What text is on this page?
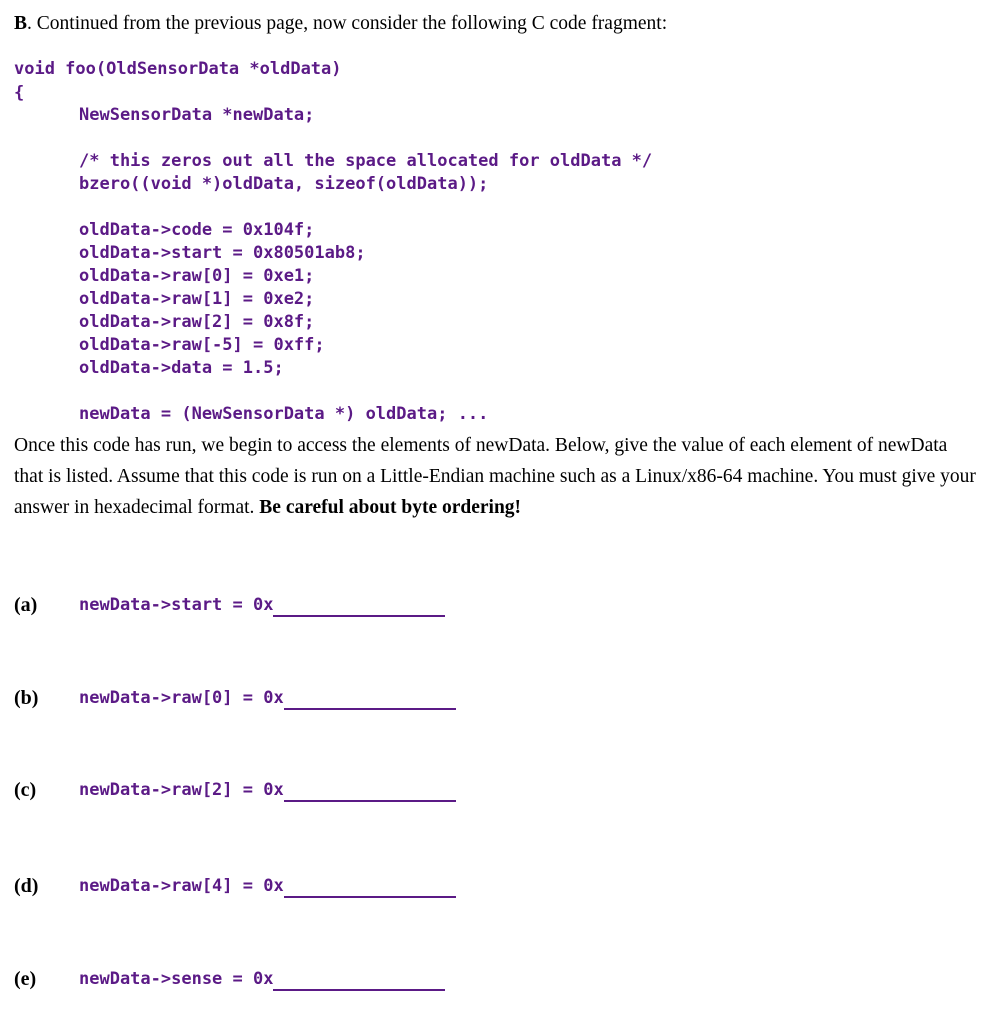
B. Continued from the previous page, now consider the following C code fragment:
void foo(OldSensorData *oldData)
{
NewSensorData *newData;
/* this zeros out all the space allocated for oldData */
bzero((void *)oldData, sizeof(oldData));
oldData->code = 0x104f;
oldData->start = 0x80501ab8;
oldData->raw[0] = 0xe1;
oldData->raw[1] = 0xe2;
oldData->raw[2] = 0x8f;
oldData->raw[-5] = 0xff;
oldData->data = 1.5;
newData = (NewSensorData *) oldData; ...
Once this code has run, we begin to access the elements of newData. Below, give the value of each element of newData that is listed. Assume that this code is run on a Little-Endian machine such as a Linux/x86-64 machine. You must give your answer in hexadecimal format. Be careful about byte ordering!
(a) newData->start = 0x
(b) newData->raw[0] = 0x
(c)	newData->raw[2] = 0x
(d) newData->raw[4] = 0x
(e)	newData->sense = 0x
